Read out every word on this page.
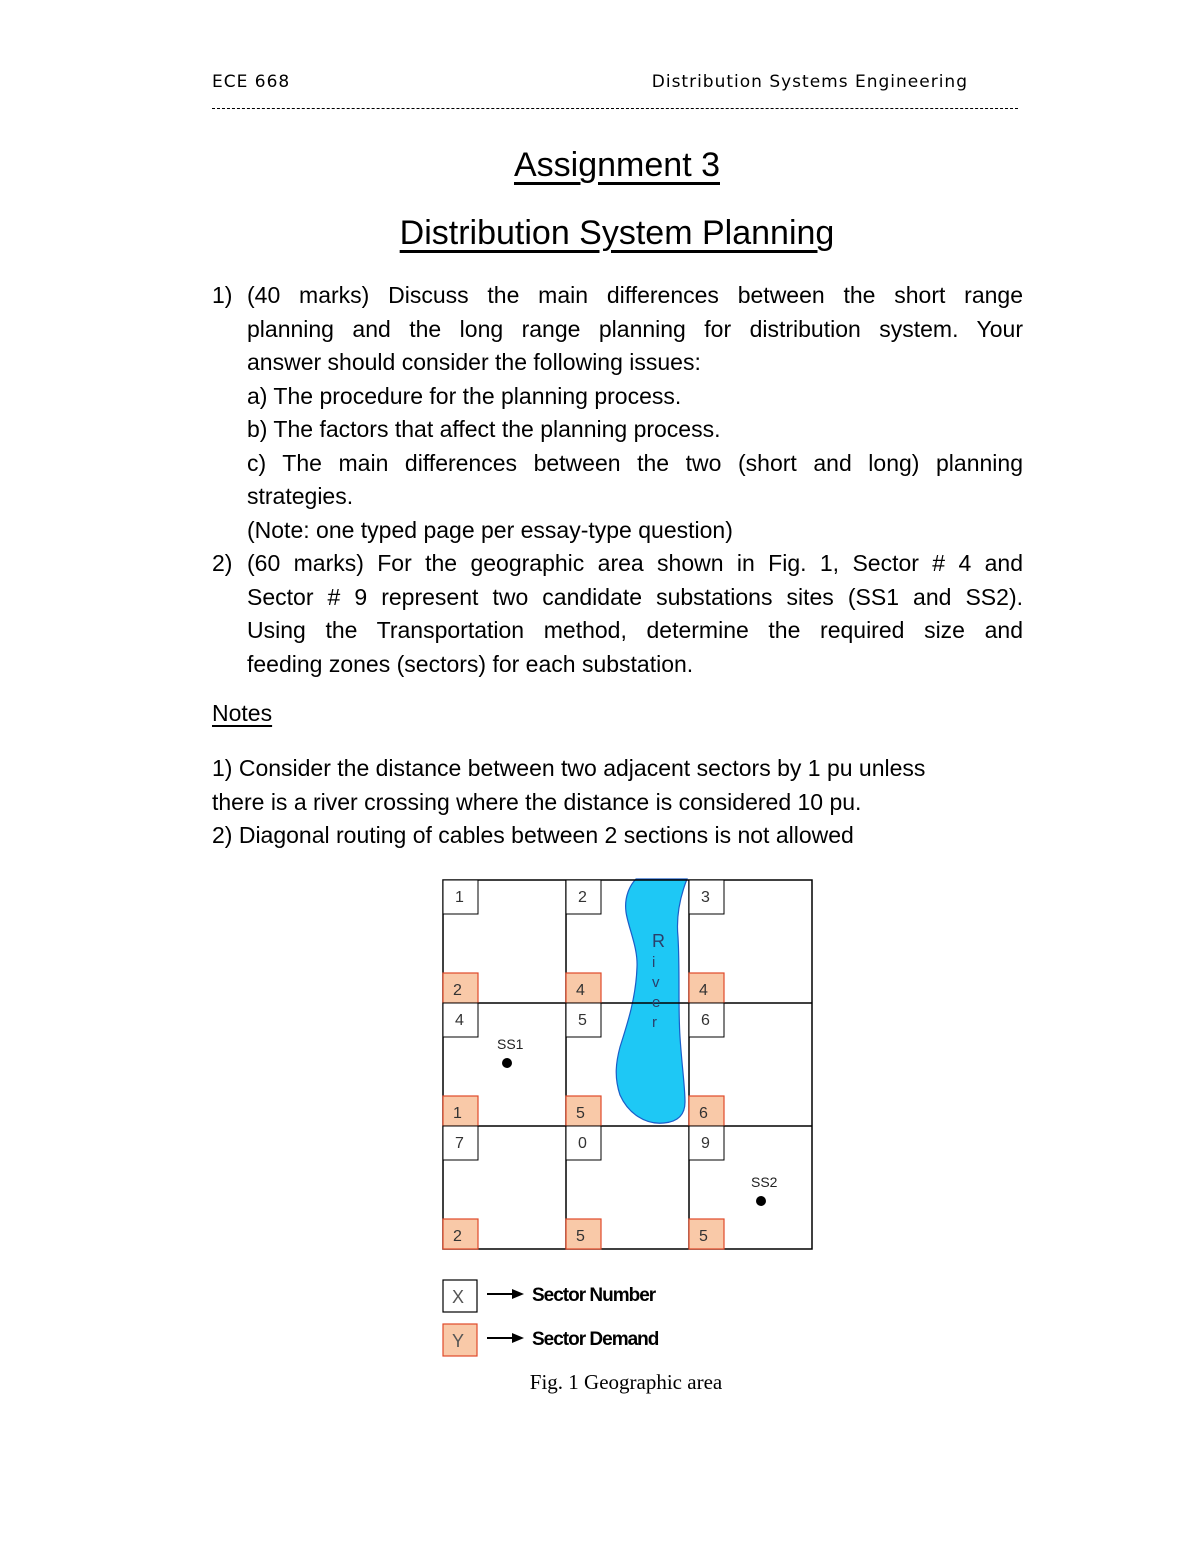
ECE 668	Distribution Systems Engineering
Assignment 3
Distribution System Planning
1) (40 marks) Discuss the main differences between the short range
planning and the long range planning for distribution system. Your
answer should consider the following issues:
a) The procedure for the planning process.
b) The factors that affect the planning process.
c) The main differences between the two (short and long) planning
strategies.
(Note: one typed page per essay-type question)
2) (60 marks) For the geographic area shown in Fig. 1, Sector # 4 and
Sector # 9 represent two candidate substations sites (SS1 and SS2).
Using the Transportation method, determine the required size and
feeding zones (sectors) for each substation.
Notes
1) Consider the distance between two adjacent sectors by 1 pu unless
there is a river crossing where the distance is considered 10 pu.
2) Diagonal routing of cables between 2 sections is not allowed
1
2
2
4
3
4
4
1
5
5
6
6
7
2
0
5
9
5
R
i
v
e
r
SS1
SS2
X	Sector Number
Y	Sector Demand
Fig. 1 Geographic area
